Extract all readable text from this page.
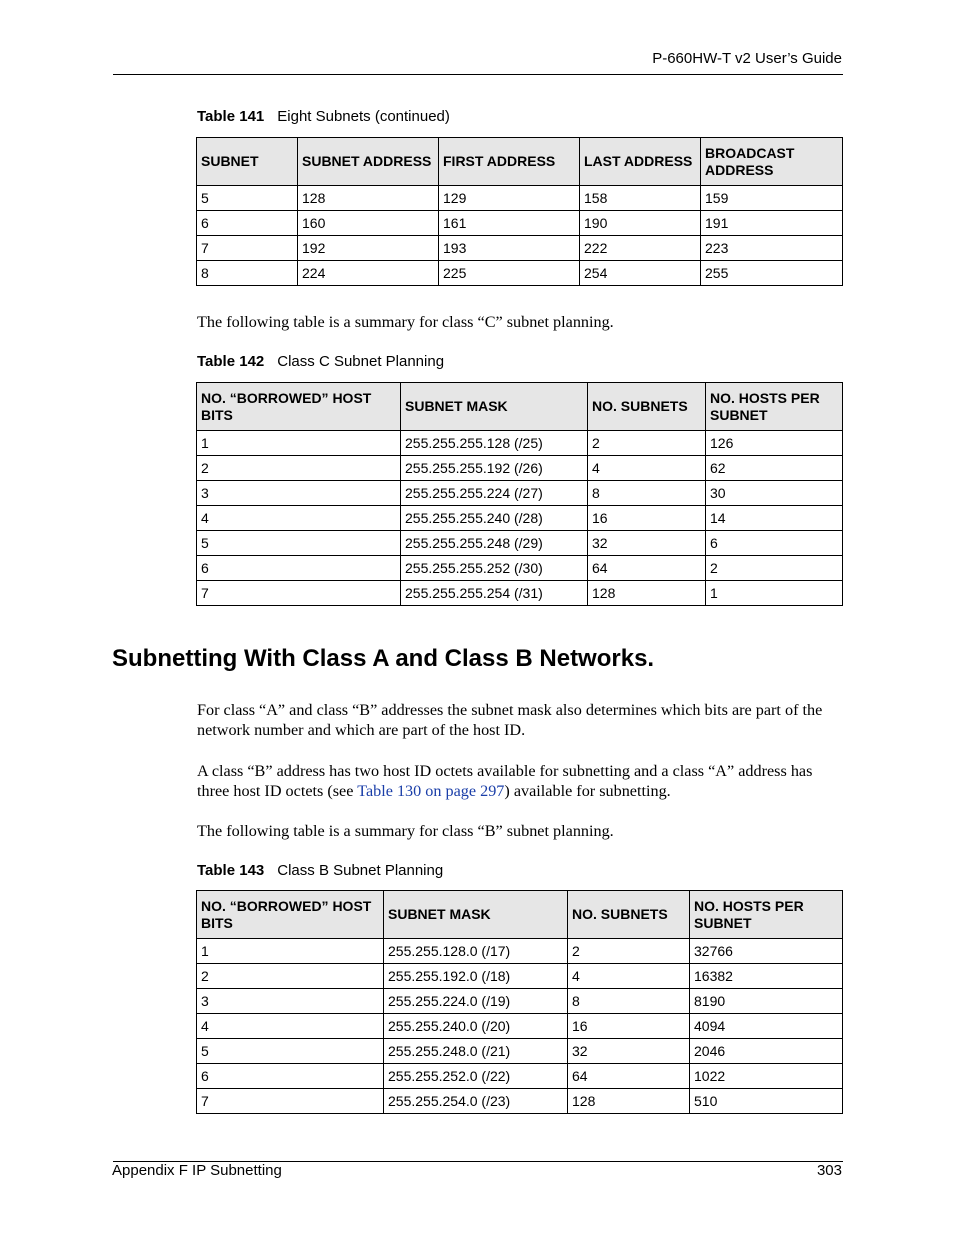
P-660HW-T v2 User’s Guide
Table 141 Eight Subnets (continued)
SUBNET	SUBNET ADDRESS	FIRST ADDRESS	LAST ADDRESS	BROADCAST ADDRESS
5	128	129	158	159
6	160	161	190	191
7	192	193	222	223
8	224	225	254	255
The following table is a summary for class “C” subnet planning.
Table 142 Class C Subnet Planning
NO. “BORROWED” HOST BITS	SUBNET MASK	NO. SUBNETS	NO. HOSTS PER SUBNET
1	255.255.255.128 (/25)	2	126
2	255.255.255.192 (/26)	4	62
3	255.255.255.224 (/27)	8	30
4	255.255.255.240 (/28)	16	14
5	255.255.255.248 (/29)	32	6
6	255.255.255.252 (/30)	64	2
7	255.255.255.254 (/31)	128	1
Subnetting With Class A and Class B Networks.
For class “A” and class “B” addresses the subnet mask also determines which bits are part of the network number and which are part of the host ID.
A class “B” address has two host ID octets available for subnetting and a class “A” address has three host ID octets (see Table 130 on page 297) available for subnetting.
The following table is a summary for class “B” subnet planning.
Table 143 Class B Subnet Planning
NO. “BORROWED” HOST BITS	SUBNET MASK	NO. SUBNETS	NO. HOSTS PER SUBNET
1	255.255.128.0 (/17)	2	32766
2	255.255.192.0 (/18)	4	16382
3	255.255.224.0 (/19)	8	8190
4	255.255.240.0 (/20)	16	4094
5	255.255.248.0 (/21)	32	2046
6	255.255.252.0 (/22)	64	1022
7	255.255.254.0 (/23)	128	510
Appendix F IP Subnetting	303
